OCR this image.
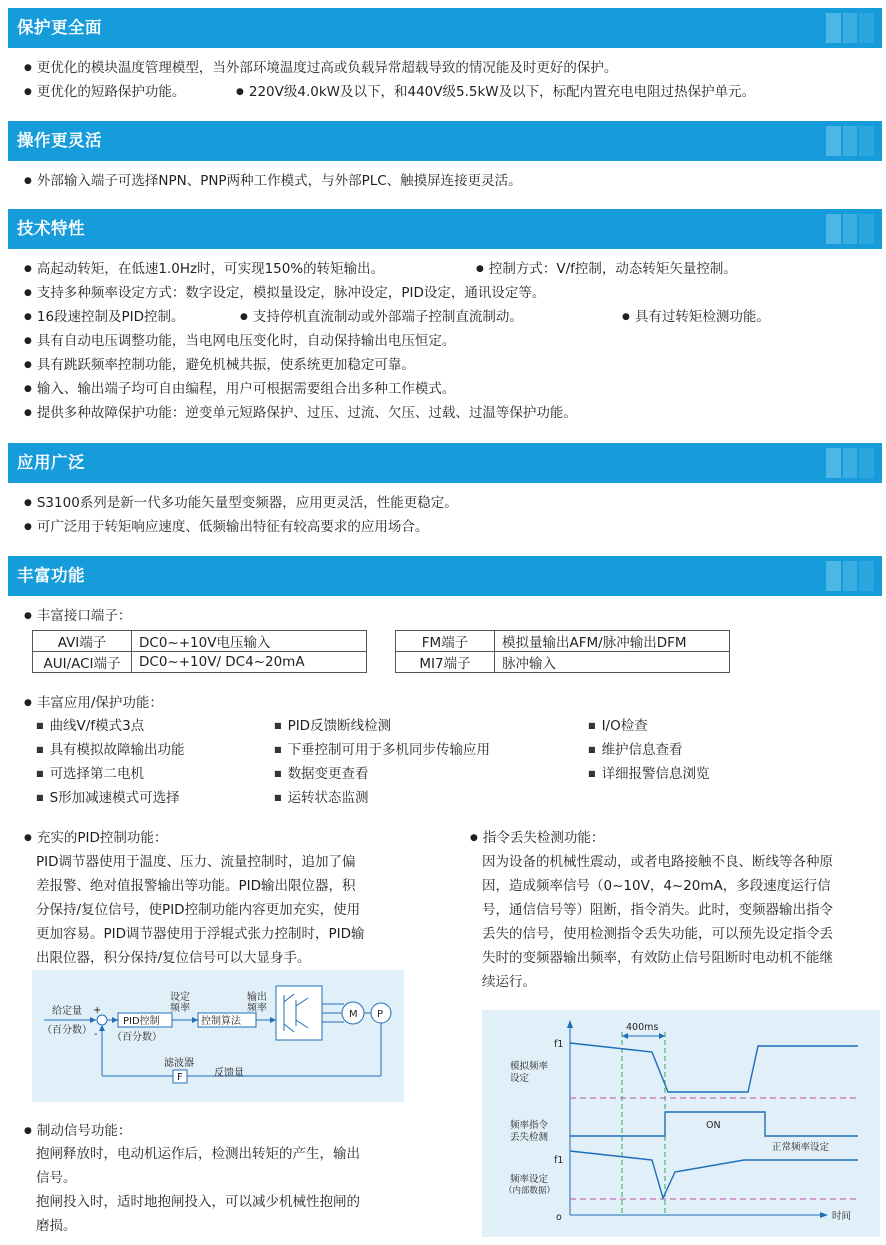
保护更全面
● 更优化的模块温度管理模型，当外部环境温度过高或负载异常超载导致的情况能及时更好的保护。
● 更优化的短路保护功能。	● 220V级4.0kW及以下，和440V级5.5kW及以下，标配内置充电电阻过热保护单元。
操作更灵活
● 外部输入端子可选择NPN、PNP两种工作模式，与外部PLC、触摸屏连接更灵活。
技术特性
● 高起动转矩，在低速1.0Hz时，可实现150%的转矩输出。	● 控制方式：V/f控制，动态转矩矢量控制。
● 支持多种频率设定方式：数字设定，模拟量设定，脉冲设定，PID设定，通讯设定等。
● 16段速控制及PID控制。	● 支持停机直流制动或外部端子控制直流制动。	● 具有过转矩检测功能。
● 具有自动电压调整功能，当电网电压变化时，自动保持输出电压恒定。
● 具有跳跃频率控制功能，避免机械共振，使系统更加稳定可靠。
● 输入、输出端子均可自由编程，用户可根据需要组合出多种工作模式。
● 提供多种故障保护功能：逆变单元短路保护、过压、过流、欠压、过载、过温等保护功能。
应用广泛
● S3100系列是新一代多功能矢量型变频器，应用更灵活，性能更稳定。
● 可广泛用于转矩响应速度、低频输出特征有较高要求的应用场合。
丰富功能
● 丰富接口端子：
AVI端子	DC0~+10V电压输入
AUI/ACI端子	DC0~+10V/ DC4~20mA
FM端子	模拟量输出AFM/脉冲输出DFM
MI7端子	脉冲输入
● 丰富应用/保护功能：
■ 曲线V/f模式3点	■ PID反馈断线检测	■ I/O检查
■ 具有模拟故障输出功能	■ 下垂控制可用于多机同步传输应用	■ 维护信息查看
■ 可选择第二电机	■ 数据变更查看	■ 详细报警信息浏览
■ S形加减速模式可选择	■ 运转状态监测
● 充实的PID控制功能：
PID调节器使用于温度、压力、流量控制时，追加了偏
差报警、绝对值报警输出等功能。PID输出限位器，积
分保持/复位信号，使PID控制功能内容更加充实，使用
更加容易。PID调节器使用于浮辊式张力控制时，PID输
出限位器，积分保持/复位信号可以大显身手。
给定量
（百分数）
+
-
PID控制
（百分数）
设定
频率
控制算法
输出
频率
M P
滤波器
F	反馈量
● 制动信号功能：
抱闸释放时，电动机运作后，检测出转矩的产生，输出
信号。
抱闸投入时，适时地抱闸投入，可以减少机械性抱闸的
磨损。
● 指令丢失检测功能：
因为设备的机械性震动，或者电路接触不良、断线等各种原
因，造成频率信号（0~10V，4~20mA，多段速度运行信
号，通信信号等）阻断，指令消失。此时，变频器输出指令
丢失的信号，使用检测指令丢失功能，可以预先设定指令丢
失时的变频器输出频率，有效防止信号阻断时电动机不能继
续运行。
400ms
f1
模拟频率
设定
频率指令
丢失检测
ON
正常频率设定
f1
频率设定
（内部数据）
o	时间
